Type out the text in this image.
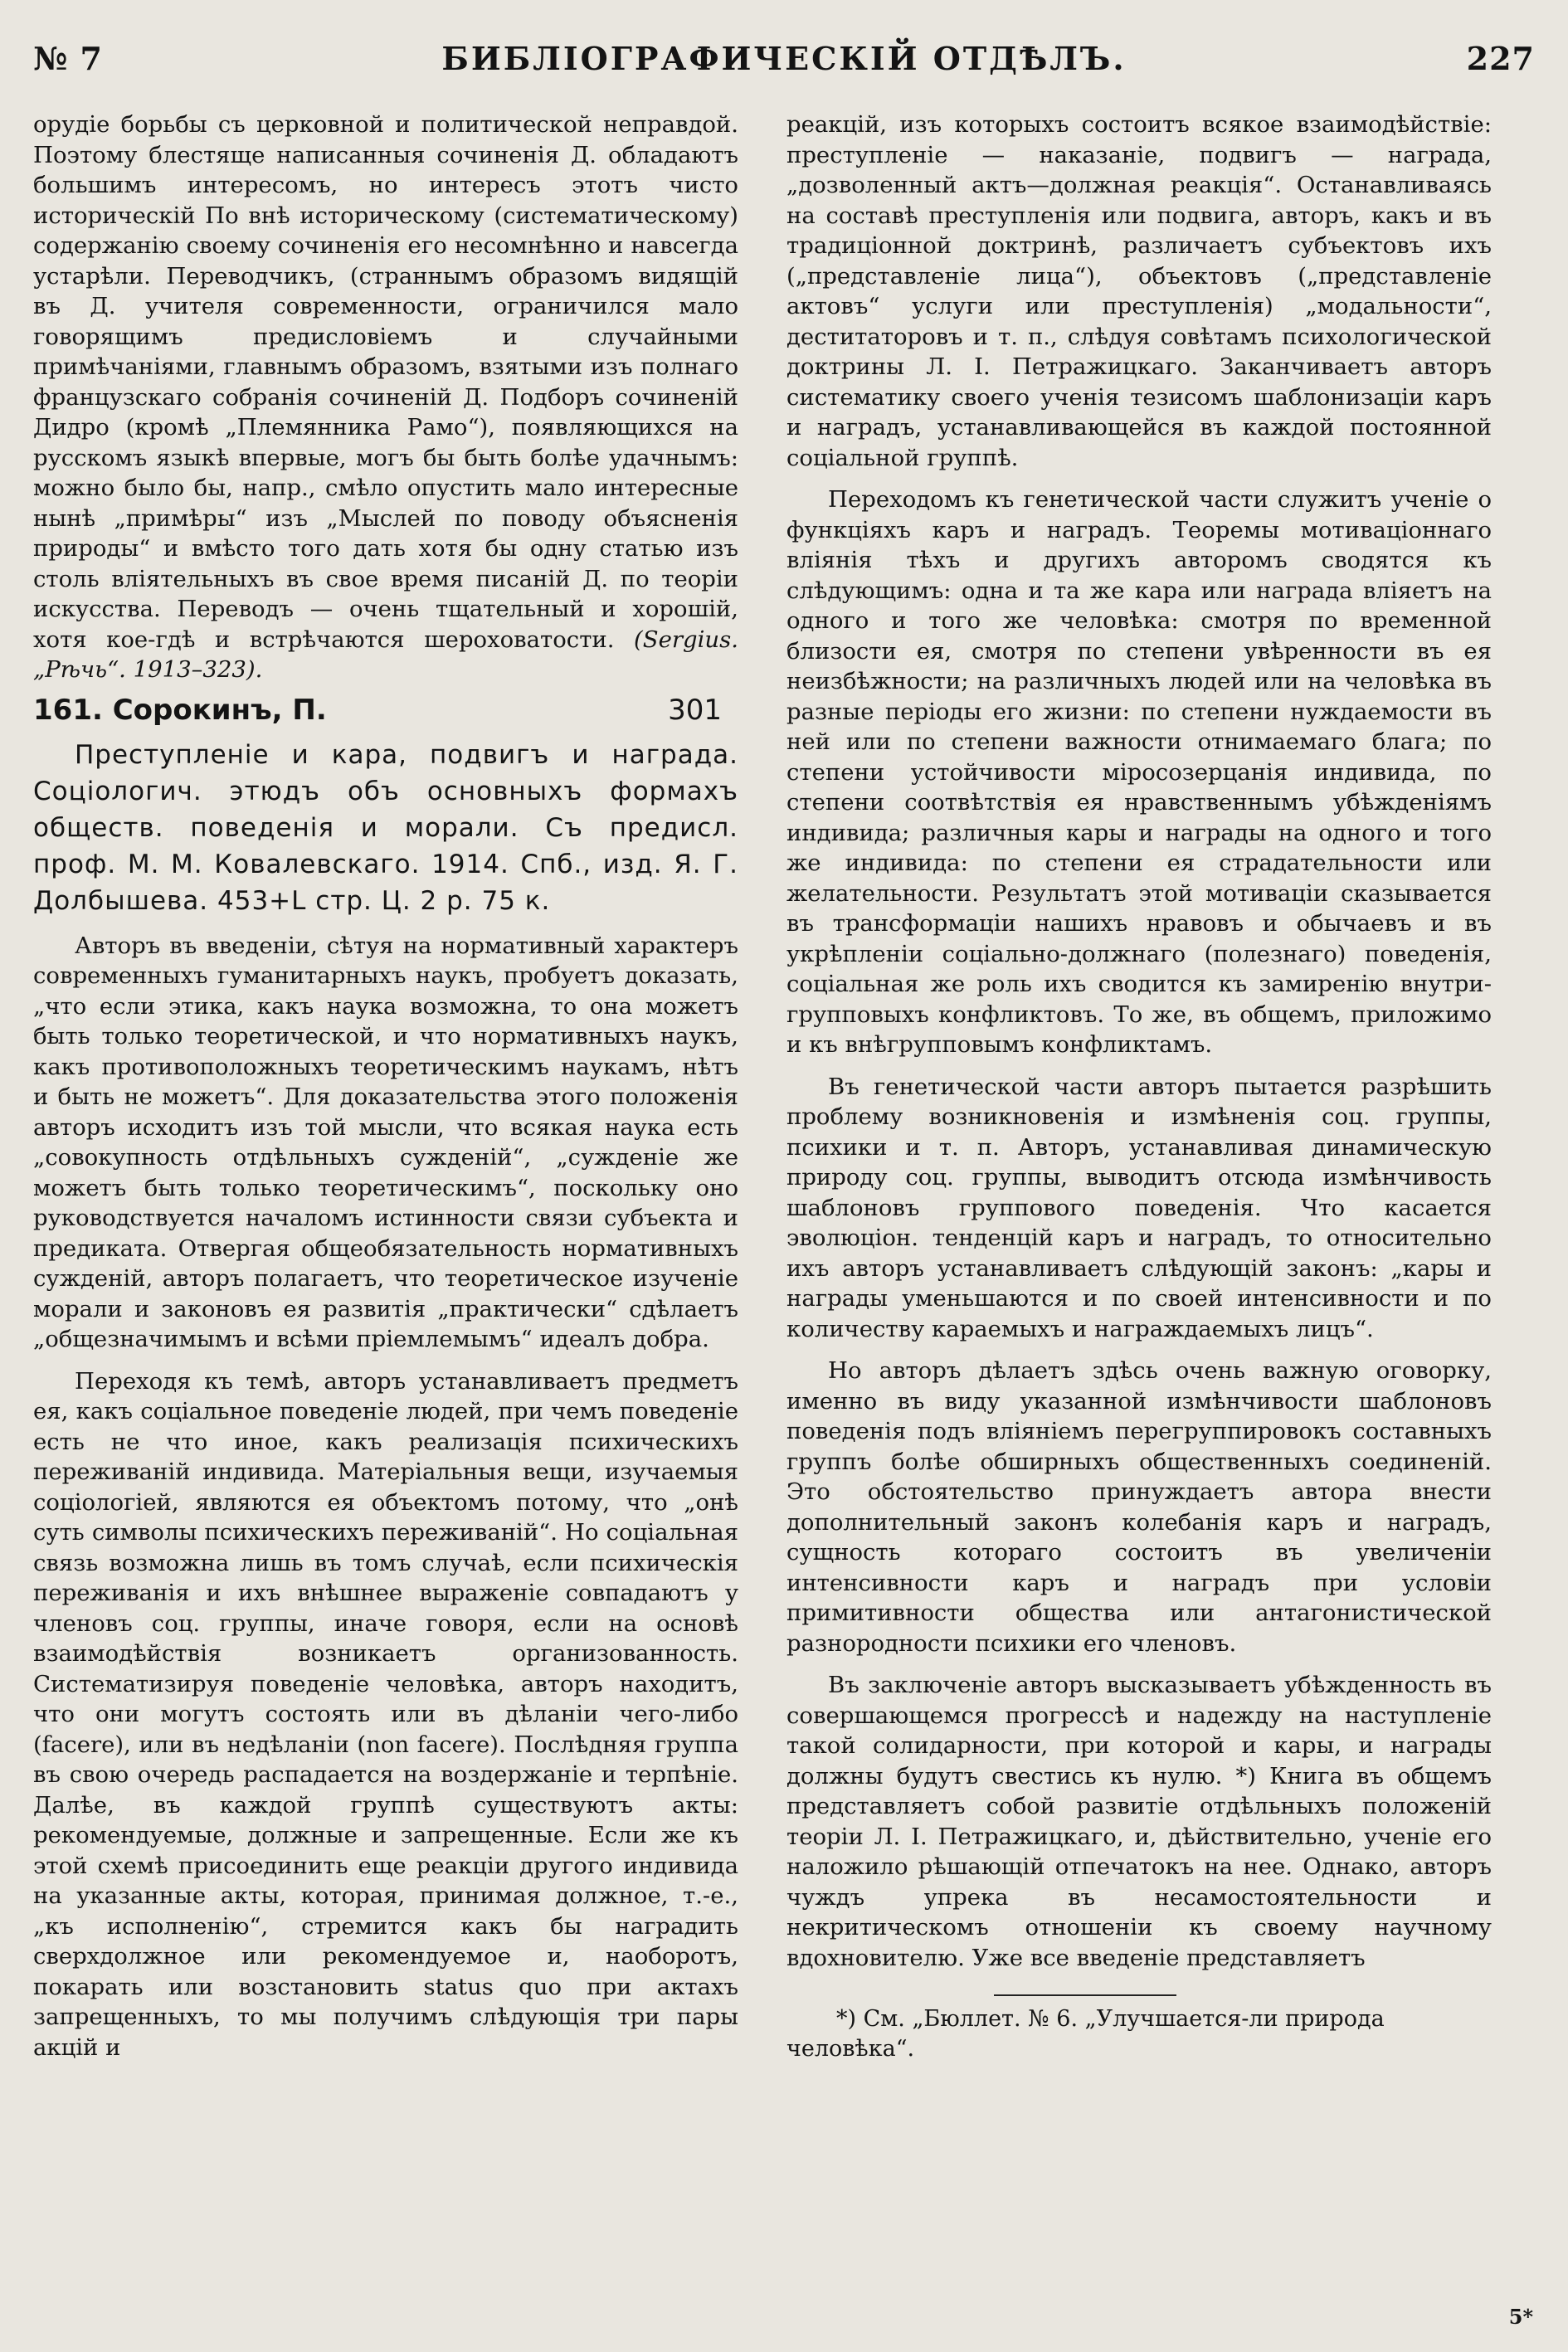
№ 7	БИБЛІОГРАФИЧЕСКІЙ ОТДѢЛЪ.	227

орудіе борьбы съ церковной и политической неправдой. Поэтому блестяще написанныя сочиненія Д. обладаютъ большимъ интересомъ, но интересъ этотъ чисто историческій По внѣ историческому (систематическому) содержанію своему сочиненія его несомнѣнно и навсегда устарѣли. Переводчикъ, (страннымъ образомъ видящій въ Д. учителя современности, ограничился мало говорящимъ предисловіемъ и случайными примѣчаніями, главнымъ образомъ, взятыми изъ полнаго французскаго собранія сочиненій Д. Подборъ сочиненій Дидро (кромѣ „Племянника Рамо“), появляющихся на русскомъ языкѣ впервые, могъ бы быть болѣе удачнымъ: можно было бы, напр., смѣло опустить мало интересные нынѣ „примѣры“ изъ „Мыслей по поводу объясненія природы“ и вмѣсто того дать хотя бы одну статью изъ столь вліятельныхъ въ свое время писаній Д. по теоріи искусства. Переводъ — очень тщательный и хорошій, хотя кое-гдѣ и встрѣчаются шероховатости. (Sergius. „Рѣчь“. 1913–323).

161. Сорокинъ, П.	301
Преступленіе и кара, подвигъ и награда. Соціологич. этюдъ объ основныхъ формахъ обществ. поведенія и морали. Съ предисл. проф. М. М. Ковалевскаго. 1914. Спб., изд. Я. Г. Долбышева. 453+L стр. Ц. 2 р. 75 к.

Авторъ въ введеніи, сѣтуя на нормативный характеръ современныхъ гуманитарныхъ наукъ, пробуетъ доказать, „что если этика, какъ наука возможна, то она можетъ быть только теоретической, и что нормативныхъ наукъ, какъ противоположныхъ теоретическимъ наукамъ, нѣтъ и быть не можетъ“. Для доказательства этого положенія авторъ исходитъ изъ той мысли, что всякая наука есть „совокупность отдѣльныхъ сужденій“, „сужденіе же можетъ быть только теоретическимъ“, поскольку оно руководствуется началомъ истинности связи субъекта и предиката. Отвергая общеобязательность нормативныхъ сужденій, авторъ полагаетъ, что теоретическое изученіе морали и законовъ ея развитія „практически“ сдѣлаетъ „общезначимымъ и всѣми пріемлемымъ“ идеалъ добра.

Переходя къ темѣ, авторъ устанавливаетъ предметъ ея, какъ соціальное поведеніе людей, при чемъ поведеніе есть не что иное, какъ реализація психическихъ переживаній индивида. Матеріальныя вещи, изучаемыя соціологіей, являются ея объектомъ потому, что „онѣ суть символы психическихъ переживаній“. Но соціальная связь возможна лишь въ томъ случаѣ, если психическія переживанія и ихъ внѣшнее выраженіе совпадаютъ у членовъ соц. группы, иначе говоря, если на основѣ взаимодѣйствія возникаетъ организованность. Систематизируя поведеніе человѣка, авторъ находитъ, что они могутъ состоять или въ дѣланіи чего-либо (facere), или въ недѣланіи (non facere). Послѣдняя группа въ свою очередь распадается на воздержаніе и терпѣніе. Далѣе, въ каждой группѣ существуютъ акты: рекомендуемые, должные и запрещенные. Если же къ этой схемѣ присоединить еще реакціи другого индивида на указанные акты, которая, принимая должное, т.-е., „къ исполненію“, стремится какъ бы наградить сверхдолжное или рекомендуемое и, наоборотъ, покарать или возстановить status quo при актахъ запрещенныхъ, то мы получимъ слѣдующія три пары акцій и

реакцій, изъ которыхъ состоитъ всякое взаимодѣйствіе: преступленіе — наказаніе, подвигъ — награда, „дозволенный актъ—должная реакція“. Останавливаясь на составѣ преступленія или подвига, авторъ, какъ и въ традиціонной доктринѣ, различаетъ субъектовъ ихъ („представленіе лица“), объектовъ („представленіе актовъ“ услуги или преступленія) „модальности“, деститаторовъ и т. п., слѣдуя совѣтамъ психологической доктрины Л. І. Петражицкаго. Заканчиваетъ авторъ систематику своего ученія тезисомъ шаблонизаціи каръ и наградъ, устанавливающейся въ каждой постоянной соціальной группѣ.

Переходомъ къ генетической части служитъ ученіе о функціяхъ каръ и наградъ. Теоремы мотиваціоннаго вліянія тѣхъ и другихъ авторомъ сводятся къ слѣдующимъ: одна и та же кара или награда вліяетъ на одного и того же человѣка: смотря по временной близости ея, смотря по степени увѣренности въ ея неизбѣжности; на различныхъ людей или на человѣка въ разные періоды его жизни: по степени нуждаемости въ ней или по степени важности отнимаемаго блага; по степени устойчивости міросозерцанія индивида, по степени соотвѣтствія ея нравственнымъ убѣжденіямъ индивида; различныя кары и награды на одного и того же индивида: по степени ея страдательности или желательности. Результатъ этой мотиваціи сказывается въ трансформаціи нашихъ нравовъ и обычаевъ и въ укрѣпленіи соціально-должнаго (полезнаго) поведенія, соціальная же роль ихъ сводится къ замиренію внутри-групповыхъ конфликтовъ. То же, въ общемъ, приложимо и къ внѣгрупповымъ конфликтамъ.

Въ генетической части авторъ пытается разрѣшить проблему возникновенія и измѣненія соц. группы, психики и т. п. Авторъ, устанавливая динамическую природу соц. группы, выводитъ отсюда измѣнчивость шаблоновъ группового поведенія. Что касается эволюціон. тенденцій каръ и наградъ, то относительно ихъ авторъ устанавливаетъ слѣдующій законъ: „кары и награды уменьшаются и по своей интенсивности и по количеству караемыхъ и награждаемыхъ лицъ“.

Но авторъ дѣлаетъ здѣсь очень важную оговорку, именно въ виду указанной измѣнчивости шаблоновъ поведенія подъ вліяніемъ перегруппировокъ составныхъ группъ болѣе обширныхъ общественныхъ соединеній. Это обстоятельство принуждаетъ автора внести дополнительный законъ колебанія каръ и наградъ, сущность котораго состоитъ въ увеличеніи интенсивности каръ и наградъ при условіи примитивности общества или антагонистической разнородности психики его членовъ.

Въ заключеніе авторъ высказываетъ убѣжденность въ совершающемся прогрессѣ и надежду на наступленіе такой солидарности, при которой и кары, и награды должны будутъ свестись къ нулю. *) Книга въ общемъ представляетъ собой развитіе отдѣльныхъ положеній теоріи Л. І. Петражицкаго, и, дѣйствительно, ученіе его наложило рѣшающій отпечатокъ на нее. Однако, авторъ чуждъ упрека въ несамостоятельности и некритическомъ отношеніи къ своему научному вдохновителю. Уже все введеніе представляетъ

*) См. „Бюллет. № 6. „Улучшается-ли природа человѣка“.

5*
